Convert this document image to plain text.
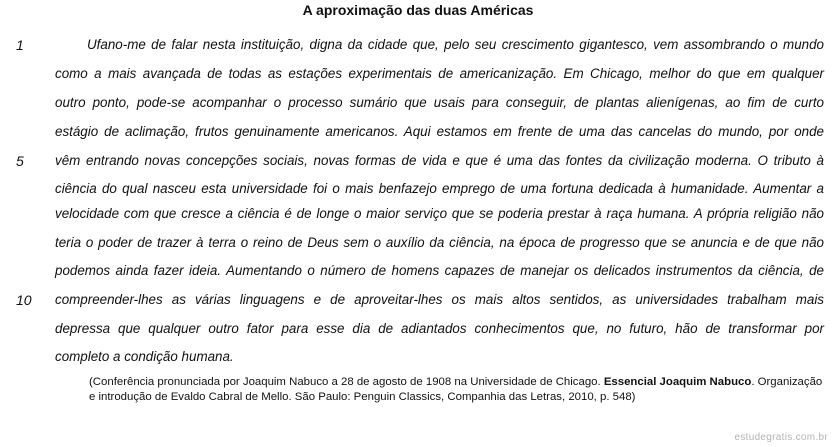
A aproximação das duas Américas
1
5
10
Ufano-me de falar nesta instituição, digna da cidade que, pelo seu crescimento gigantesco, vem assombrando o mundo
como a mais avançada de todas as estações experimentais de americanização. Em Chicago, melhor do que em qualquer
outro ponto, pode-se acompanhar o processo sumário que usais para conseguir, de plantas alienígenas, ao fim de curto
estágio de aclimação, frutos genuinamente americanos. Aqui estamos em frente de uma das cancelas do mundo, por onde
vêm entrando novas concepções sociais, novas formas de vida e que é uma das fontes da civilização moderna. O tributo à
ciência do qual nasceu esta universidade foi o mais benfazejo emprego de uma fortuna dedicada à humanidade. Aumentar a
velocidade com que cresce a ciência é de longe o maior serviço que se poderia prestar à raça humana. A própria religião não
teria o poder de trazer à terra o reino de Deus sem o auxílio da ciência, na época de progresso que se anuncia e de que não
podemos ainda fazer ideia. Aumentando o número de homens capazes de manejar os delicados instrumentos da ciência, de
compreender-lhes as várias linguagens e de aproveitar-lhes os mais altos sentidos, as universidades trabalham mais
depressa que qualquer outro fator para esse dia de adiantados conhecimentos que, no futuro, hão de transformar por
completo a condição humana.
(Conferência pronunciada por Joaquim Nabuco a 28 de agosto de 1908 na Universidade de Chicago. Essencial Joaquim Nabuco. Organização e introdução de Evaldo Cabral de Mello. São Paulo: Penguin Classics, Companhia das Letras, 2010, p. 548)
estudegratis.com.br
